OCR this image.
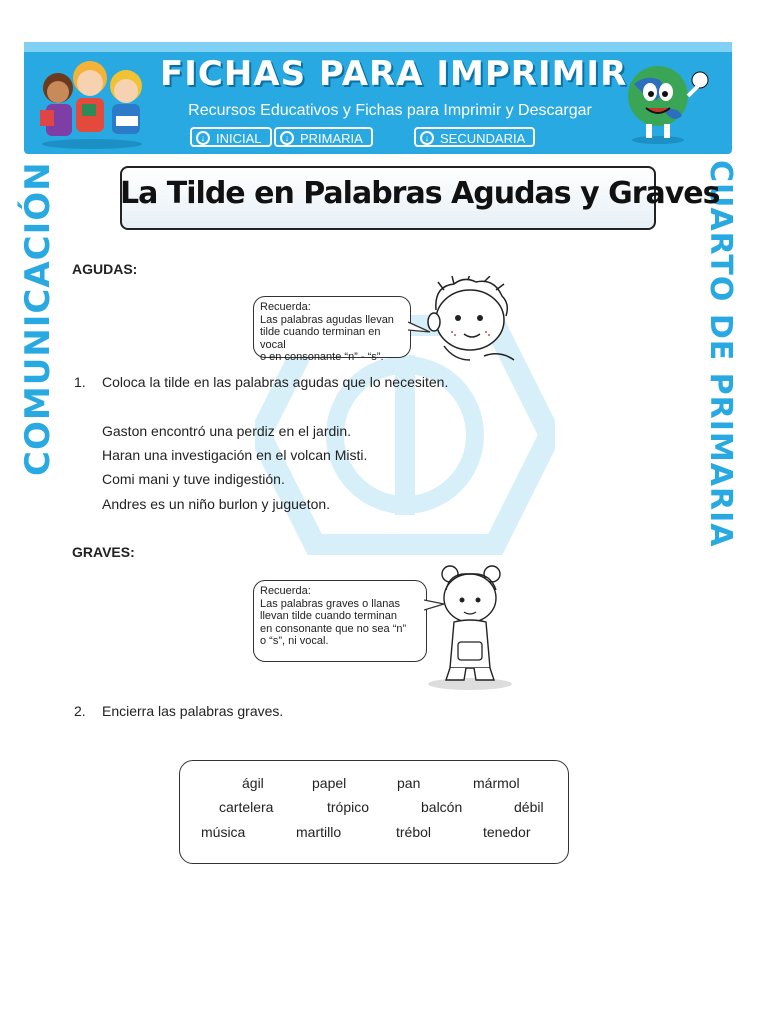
FICHAS PARA IMPRIMIR
Recursos Educativos y Fichas para Imprimir y Descargar
↓ INICIAL	↓ PRIMARIA	↓ SECUNDARIA
COMUNICACIÓN	CUARTO DE PRIMARIA
La Tilde en Palabras Agudas y Graves
AGUDAS:
Recuerda:
Las palabras agudas llevan
tilde cuando terminan en vocal
o en consonante “n” - “s”.
1. Coloca la tilde en las palabras agudas que lo necesiten.
Gaston encontró una perdiz en el jardin.
Haran una investigación en el volcan Misti.
Comi mani y tuve indigestión.
Andres es un niño burlon y jugueton.
GRAVES:
Recuerda:
Las palabras graves o llanas
llevan tilde cuando terminan
en consonante que no sea “n”
o “s”, ni vocal.
2. Encierra las palabras graves.
ágil	papel	pan	mármol
cartelera	trópico	balcón	débil
música	martillo	trébol	tenedor
